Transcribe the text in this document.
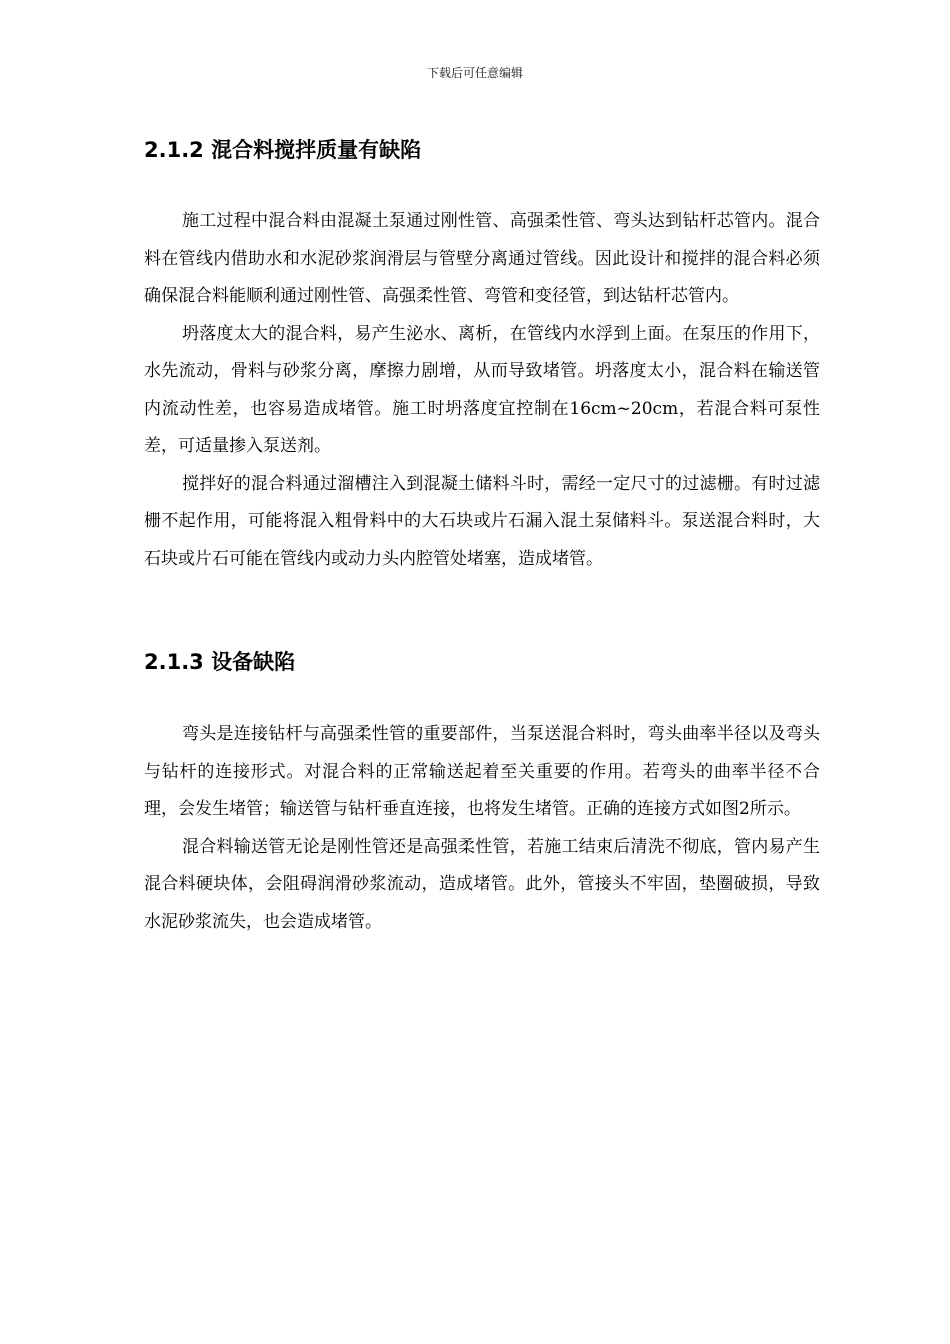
下载后可任意编辑
2.1.2 混合料搅拌质量有缺陷

施工过程中混合料由混凝土泵通过刚性管、高强柔性管、弯头达到钻杆芯管内。混合料在管线内借助水和水泥砂浆润滑层与管壁分离通过管线。因此设计和搅拌的混合料必须确保混合料能顺利通过刚性管、高强柔性管、弯管和变径管，到达钻杆芯管内。

坍落度太大的混合料，易产生泌水、离析，在管线内水浮到上面。在泵压的作用下，水先流动，骨料与砂浆分离，摩擦力剧增，从而导致堵管。坍落度太小，混合料在输送管内流动性差，也容易造成堵管。施工时坍落度宜控制在16cm~20cm，若混合料可泵性差，可适量掺入泵送剂。

搅拌好的混合料通过溜槽注入到混凝土储料斗时，需经一定尺寸的过滤栅。有时过滤栅不起作用，可能将混入粗骨料中的大石块或片石漏入混土泵储料斗。泵送混合料时，大石块或片石可能在管线内或动力头内腔管处堵塞，造成堵管。

2.1.3 设备缺陷

弯头是连接钻杆与高强柔性管的重要部件，当泵送混合料时，弯头曲率半径以及弯头与钻杆的连接形式。对混合料的正常输送起着至关重要的作用。若弯头的曲率半径不合理，会发生堵管；输送管与钻杆垂直连接，也将发生堵管。正确的连接方式如图2所示。

混合料输送管无论是刚性管还是高强柔性管，若施工结束后清洗不彻底，管内易产生混合料硬块体，会阻碍润滑砂浆流动，造成堵管。此外，管接头不牢固，垫圈破损，导致水泥砂浆流失，也会造成堵管。
